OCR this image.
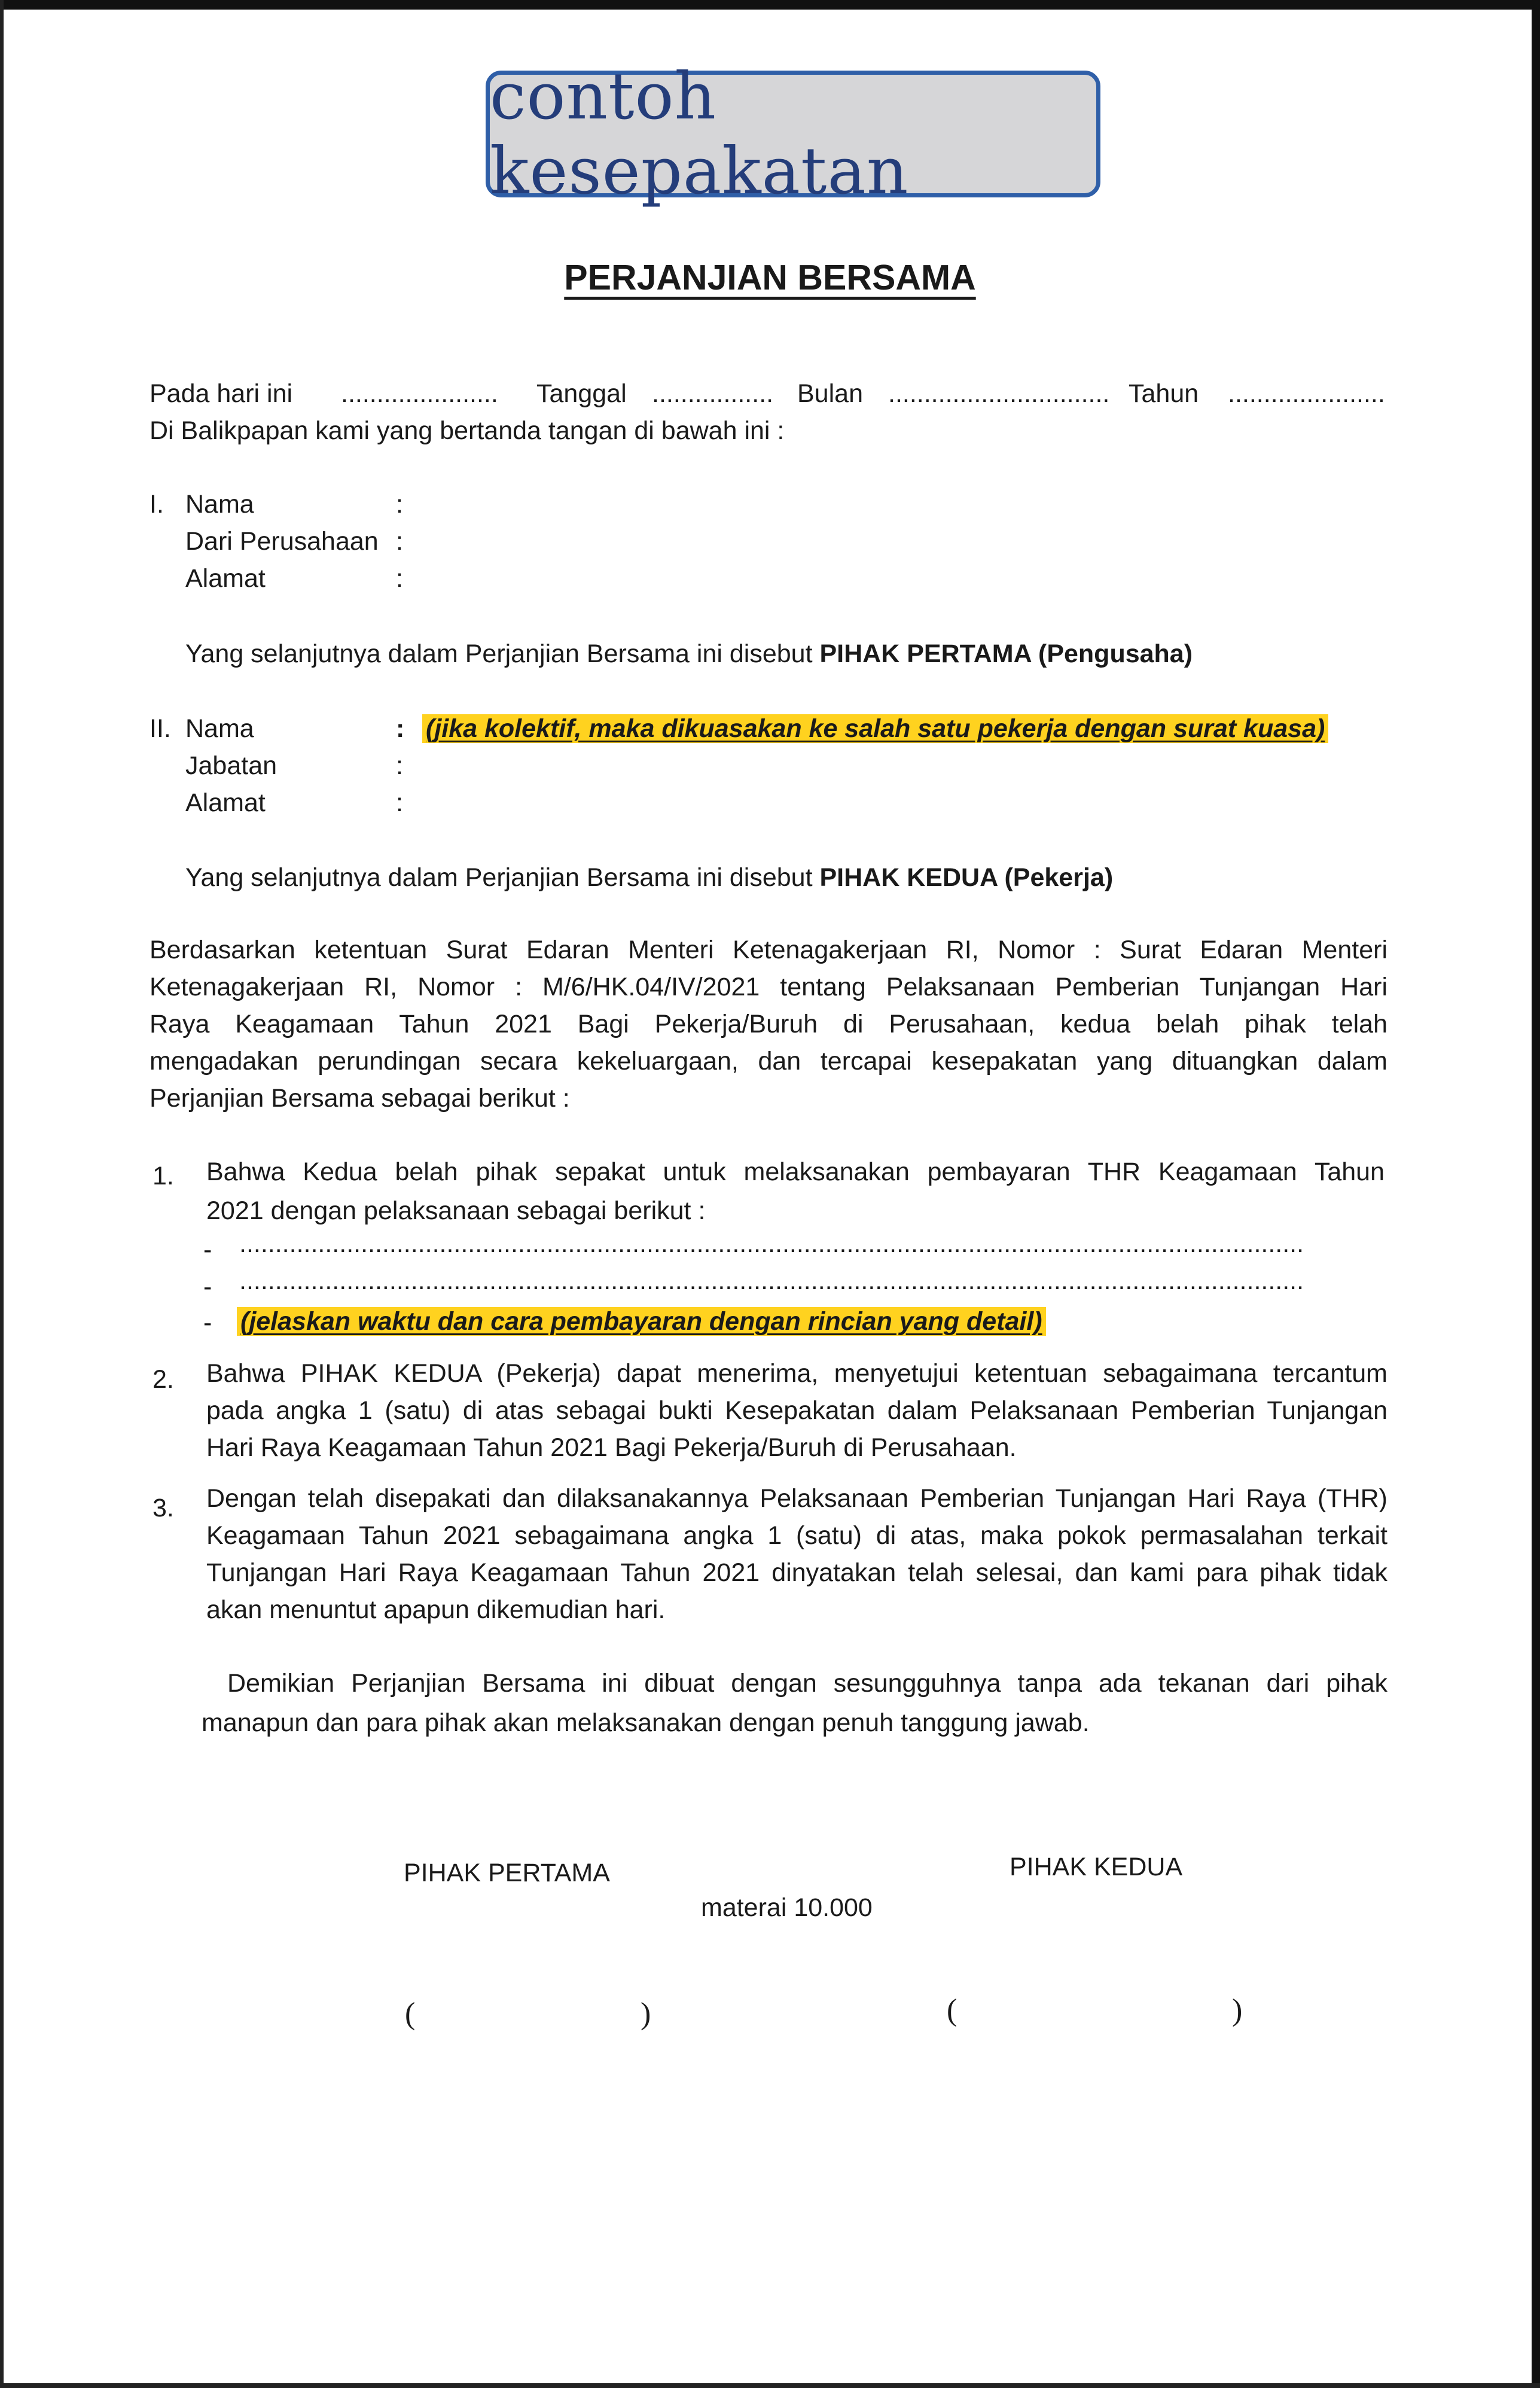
contoh kesepakatan
PERJANJIAN BERSAMA
Pada hari ini ...................... Tanggal ................. Bulan ............................... Tahun ......................
Di Balikpapan kami yang bertanda tangan di bawah ini :
I. Nama	:
Dari Perusahaan :
Alamat	:
Yang selanjutnya dalam Perjanjian Bersama ini disebut PIHAK PERTAMA (Pengusaha)
II. Nama	: (jika kolektif, maka dikuasakan ke salah satu pekerja dengan surat kuasa)
Jabatan	:
Alamat	:
Yang selanjutnya dalam Perjanjian Bersama ini disebut PIHAK KEDUA (Pekerja)
Berdasarkan ketentuan Surat Edaran Menteri Ketenagakerjaan RI, Nomor : Surat Edaran Menteri
Ketenagakerjaan RI, Nomor : M/6/HK.04/IV/2021 tentang Pelaksanaan Pemberian Tunjangan Hari
Raya Keagamaan Tahun 2021 Bagi Pekerja/Buruh di Perusahaan, kedua belah pihak telah
mengadakan perundingan secara kekeluargaan, dan tercapai kesepakatan yang dituangkan dalam
Perjanjian Bersama sebagai berikut :
1. Bahwa Kedua belah pihak sepakat untuk melaksanakan pembayaran THR Keagamaan Tahun
2021 dengan pelaksanaan sebagai berikut :
- .....................................................................................................................................................
- .....................................................................................................................................................
- (jelaskan waktu dan cara pembayaran dengan rincian yang detail)
2. Bahwa PIHAK KEDUA (Pekerja) dapat menerima, menyetujui ketentuan sebagaimana tercantum
pada angka 1 (satu) di atas sebagai bukti Kesepakatan dalam Pelaksanaan Pemberian Tunjangan
Hari Raya Keagamaan Tahun 2021 Bagi Pekerja/Buruh di Perusahaan.
3. Dengan telah disepakati dan dilaksanakannya Pelaksanaan Pemberian Tunjangan Hari Raya (THR)
Keagamaan Tahun 2021 sebagaimana angka 1 (satu) di atas, maka pokok permasalahan terkait
Tunjangan Hari Raya Keagamaan Tahun 2021 dinyatakan telah selesai, dan kami para pihak tidak
akan menuntut apapun dikemudian hari.
Demikian Perjanjian Bersama ini dibuat dengan sesungguhnya tanpa ada tekanan dari pihak
manapun dan para pihak akan melaksanakan dengan penuh tanggung jawab.
PIHAK PERTAMA	PIHAK KEDUA
materai 10.000
(	)	(	)
